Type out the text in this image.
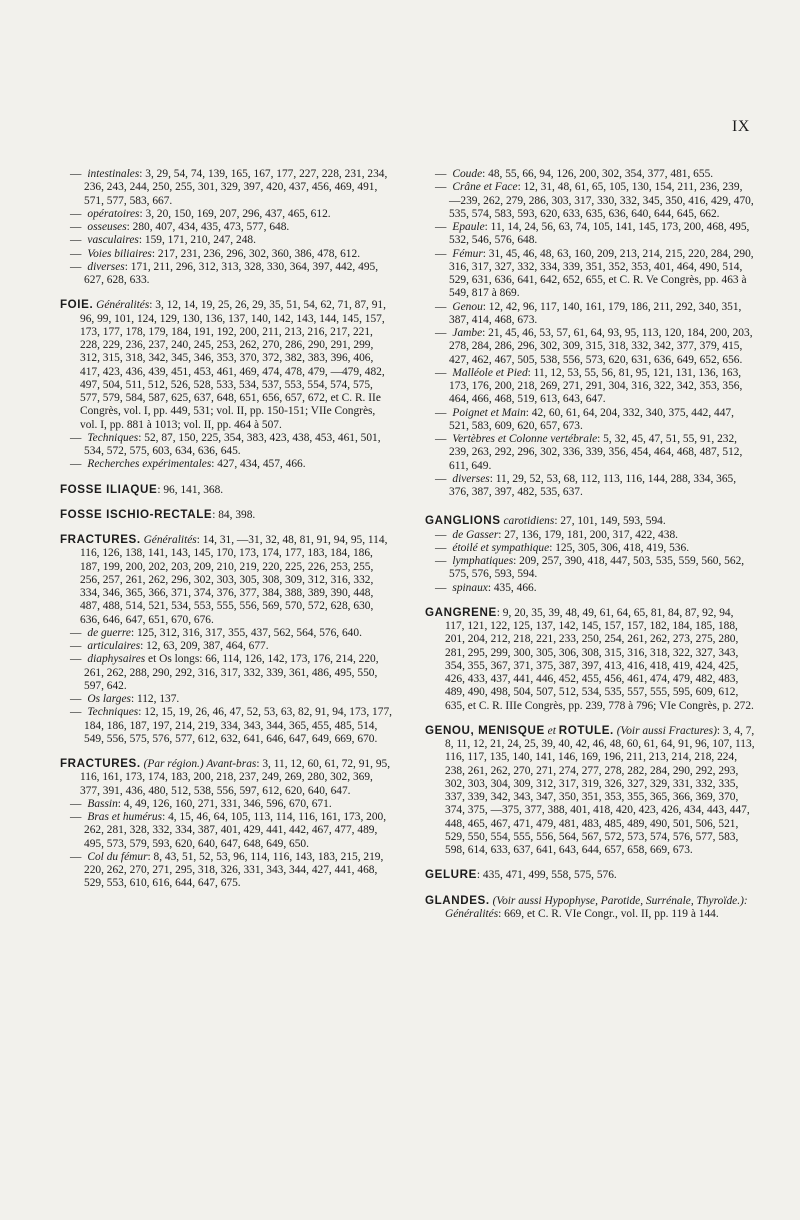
IX
— intestinales: 3, 29, 54, 74, 139, 165, 167, 177, 227, 228, 231, 234, 236, 243, 244, 250, 255, 301, 329, 397, 420, 437, 456, 469, 491, 571, 577, 583, 667.
— opératoires: 3, 20, 150, 169, 207, 296, 437, 465, 612.
— osseuses: 280, 407, 434, 435, 473, 577, 648.
— vasculaires: 159, 171, 210, 247, 248.
— Voies biliaires: 217, 231, 236, 296, 302, 360, 386, 478, 612.
— diverses: 171, 211, 296, 312, 313, 328, 330, 364, 397, 442, 495, 627, 628, 633.
FOIE. Généralités: 3, 12, 14, 19, 25, 26, 29, 35, 51, 54, 62, 71, 87, 91, 96, 99, 101, 124, 129, 130, 136, 137, 140, 142, 143, 144, 145, 157, 173, 177, 178, 179, 184, 191, 192, 200, 211, 213, 216, 217, 221, 228, 229, 236, 237, 240, 245, 253, 262, 270, 286, 290, 291, 299, 312, 315, 318, 342, 345, 346, 353, 370, 372, 382, 383, 396, 406, 417, 423, 436, 439, 451, 453, 461, 469, 474, 478, 479, —479, 482, 497, 504, 511, 512, 526, 528, 533, 534, 537, 553, 554, 574, 575, 577, 579, 584, 587, 625, 637, 648, 651, 656, 657, 672, et C. R. IIe Congrès, vol. I, pp. 449, 531; vol. II, pp. 150-151; VIIe Congrès, vol. I, pp. 881 à 1013; vol. II, pp. 464 à 507.
— Techniques: 52, 87, 150, 225, 354, 383, 423, 438, 453, 461, 501, 534, 572, 575, 603, 634, 636, 645.
— Recherches expérimentales: 427, 434, 457, 466.
FOSSE ILIAQUE: 96, 141, 368.
FOSSE ISCHIO-RECTALE: 84, 398.
FRACTURES. Généralités: 14, 31, —31, 32, 48, 81, 91, 94, 95, 114, 116, 126, 138, 141, 143, 145, 170, 173, 174, 177, 183, 184, 186, 187, 199, 200, 202, 203, 209, 210, 219, 220, 225, 226, 253, 255, 256, 257, 261, 262, 296, 302, 303, 305, 308, 309, 312, 316, 332, 334, 346, 365, 366, 371, 374, 376, 377, 384, 388, 389, 390, 448, 487, 488, 514, 521, 534, 553, 555, 556, 569, 570, 572, 628, 630, 636, 646, 647, 651, 670, 676.
— de guerre: 125, 312, 316, 317, 355, 437, 562, 564, 576, 640.
— articulaires: 12, 63, 209, 387, 464, 677.
— diaphysaires et Os longs: 66, 114, 126, 142, 173, 176, 214, 220, 261, 262, 288, 290, 292, 316, 317, 332, 339, 361, 486, 495, 550, 597, 642.
— Os larges: 112, 137.
— Techniques: 12, 15, 19, 26, 46, 47, 52, 53, 63, 82, 91, 94, 173, 177, 184, 186, 187, 197, 214, 219, 334, 343, 344, 365, 455, 485, 514, 549, 556, 575, 576, 577, 612, 632, 641, 646, 647, 649, 669, 670.
FRACTURES. (Par région.) Avant-bras: 3, 11, 12, 60, 61, 72, 91, 95, 116, 161, 173, 174, 183, 200, 218, 237, 249, 269, 280, 302, 369, 377, 391, 436, 480, 512, 538, 556, 597, 612, 620, 640, 647.
— Bassin: 4, 49, 126, 160, 271, 331, 346, 596, 670, 671.
— Bras et humérus: 4, 15, 46, 64, 105, 113, 114, 116, 161, 173, 200, 262, 281, 328, 332, 334, 387, 401, 429, 441, 442, 467, 477, 489, 495, 573, 579, 593, 620, 640, 647, 648, 649, 650.
— Col du fémur: 8, 43, 51, 52, 53, 96, 114, 116, 143, 183, 215, 219, 220, 262, 270, 271, 295, 318, 326, 331, 343, 344, 427, 441, 468, 529, 553, 610, 616, 644, 647, 675.
— Coude: 48, 55, 66, 94, 126, 200, 302, 354, 377, 481, 655.
— Crâne et Face: 12, 31, 48, 61, 65, 105, 130, 154, 211, 236, 239, —239, 262, 279, 286, 303, 317, 330, 332, 345, 350, 416, 429, 470, 535, 574, 583, 593, 620, 633, 635, 636, 640, 644, 645, 662.
— Epaule: 11, 14, 24, 56, 63, 74, 105, 141, 145, 173, 200, 468, 495, 532, 546, 576, 648.
— Fémur: 31, 45, 46, 48, 63, 160, 209, 213, 214, 215, 220, 284, 290, 316, 317, 327, 332, 334, 339, 351, 352, 353, 401, 464, 490, 514, 529, 631, 636, 641, 642, 652, 655, et C. R. Ve Congrès, pp. 463 à 549, 817 à 869.
— Genou: 12, 42, 96, 117, 140, 161, 179, 186, 211, 292, 340, 351, 387, 414, 468, 673.
— Jambe: 21, 45, 46, 53, 57, 61, 64, 93, 95, 113, 120, 184, 200, 203, 278, 284, 286, 296, 302, 309, 315, 318, 332, 342, 377, 379, 415, 427, 462, 467, 505, 538, 556, 573, 620, 631, 636, 649, 652, 656.
— Malléole et Pied: 11, 12, 53, 55, 56, 81, 95, 121, 131, 136, 163, 173, 176, 200, 218, 269, 271, 291, 304, 316, 322, 342, 353, 356, 464, 466, 468, 519, 613, 643, 647.
— Poignet et Main: 42, 60, 61, 64, 204, 332, 340, 375, 442, 447, 521, 583, 609, 620, 657, 673.
— Vertèbres et Colonne vertébrale: 5, 32, 45, 47, 51, 55, 91, 232, 239, 263, 292, 296, 302, 336, 339, 356, 454, 464, 468, 487, 512, 611, 649.
— diverses: 11, 29, 52, 53, 68, 112, 113, 116, 144, 288, 334, 365, 376, 387, 397, 482, 535, 637.
GANGLIONS carotidiens: 27, 101, 149, 593, 594.
— de Gasser: 27, 136, 179, 181, 200, 317, 422, 438.
— étoilé et sympathique: 125, 305, 306, 418, 419, 536.
— lymphatiques: 209, 257, 390, 418, 447, 503, 535, 559, 560, 562, 575, 576, 593, 594.
— spinaux: 435, 466.
GANGRENE: 9, 20, 35, 39, 48, 49, 61, 64, 65, 81, 84, 87, 92, 94, 117, 121, 122, 125, 137, 142, 145, 157, 157, 182, 184, 185, 188, 201, 204, 212, 218, 221, 233, 250, 254, 261, 262, 273, 275, 280, 281, 295, 299, 300, 305, 306, 308, 315, 316, 318, 322, 327, 343, 354, 355, 367, 371, 375, 387, 397, 413, 416, 418, 419, 424, 425, 426, 433, 437, 441, 446, 452, 455, 456, 461, 474, 479, 482, 483, 489, 490, 498, 504, 507, 512, 534, 535, 557, 555, 595, 609, 612, 635, et C. R. IIIe Congrès, pp. 239, 778 à 796; VIe Congrès, p. 272.
GENOU, MENISQUE et ROTULE. (Voir aussi Fractures): 3, 4, 7, 8, 11, 12, 21, 24, 25, 39, 40, 42, 46, 48, 60, 61, 64, 91, 96, 107, 113, 116, 117, 135, 140, 141, 146, 169, 196, 211, 213, 214, 218, 224, 238, 261, 262, 270, 271, 274, 277, 278, 282, 284, 290, 292, 293, 302, 303, 304, 309, 312, 317, 319, 326, 327, 329, 331, 332, 335, 337, 339, 342, 343, 347, 350, 351, 353, 355, 365, 366, 369, 370, 374, 375, —375, 377, 388, 401, 418, 420, 423, 426, 434, 443, 447, 448, 465, 467, 471, 479, 481, 483, 485, 489, 490, 501, 506, 521, 529, 550, 554, 555, 556, 564, 567, 572, 573, 574, 576, 577, 583, 598, 614, 633, 637, 641, 643, 644, 657, 658, 669, 673.
GELURE: 435, 471, 499, 558, 575, 576.
GLANDES. (Voir aussi Hypophyse, Parotide, Surrénale, Thyroïde.): Généralités: 669, et C. R. VIe Congr., vol. II, pp. 119 à 144.
